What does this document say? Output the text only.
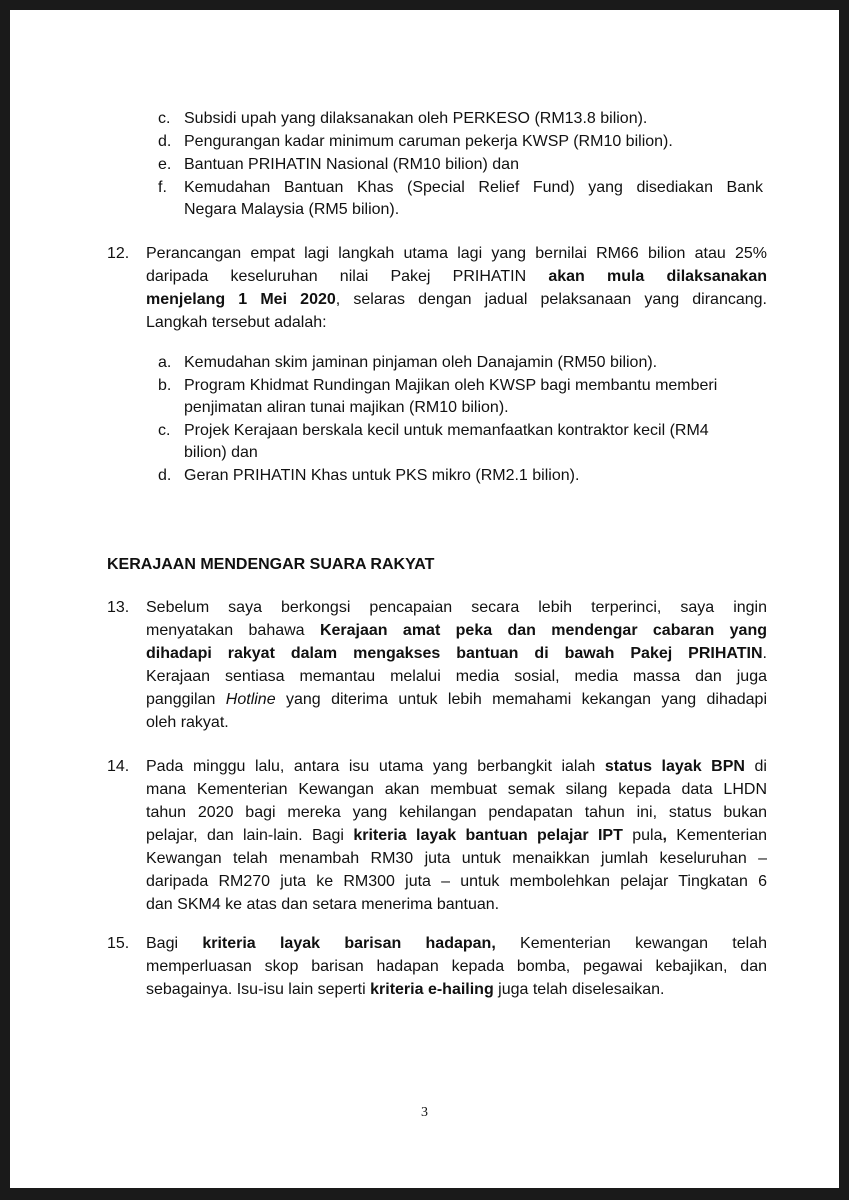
c. Subsidi upah yang dilaksanakan oleh PERKESO (RM13.8 bilion).
d. Pengurangan kadar minimum caruman pekerja KWSP (RM10 bilion).
e. Bantuan PRIHATIN Nasional (RM10 bilion) dan
f. Kemudahan Bantuan Khas (Special Relief Fund) yang disediakan Bank
Negara Malaysia (RM5 bilion).
12. Perancangan empat lagi langkah utama lagi yang bernilai RM66 bilion atau 25%
daripada keseluruhan nilai Pakej PRIHATIN akan mula dilaksanakan
menjelang 1 Mei 2020, selaras dengan jadual pelaksanaan yang dirancang.
Langkah tersebut adalah:
a. Kemudahan skim jaminan pinjaman oleh Danajamin (RM50 bilion).
b. Program Khidmat Rundingan Majikan oleh KWSP bagi membantu memberi
penjimatan aliran tunai majikan (RM10 bilion).
c. Projek Kerajaan berskala kecil untuk memanfaatkan kontraktor kecil (RM4
bilion) dan
d. Geran PRIHATIN Khas untuk PKS mikro (RM2.1 bilion).
KERAJAAN MENDENGAR SUARA RAKYAT
13. Sebelum saya berkongsi pencapaian secara lebih terperinci, saya ingin
menyatakan bahawa Kerajaan amat peka dan mendengar cabaran yang
dihadapi rakyat dalam mengakses bantuan di bawah Pakej PRIHATIN.
Kerajaan sentiasa memantau melalui media sosial, media massa dan juga
panggilan Hotline yang diterima untuk lebih memahami kekangan yang dihadapi
oleh rakyat.
14. Pada minggu lalu, antara isu utama yang berbangkit ialah status layak BPN di
mana Kementerian Kewangan akan membuat semak silang kepada data LHDN
tahun 2020 bagi mereka yang kehilangan pendapatan tahun ini, status bukan
pelajar, dan lain-lain. Bagi kriteria layak bantuan pelajar IPT pula, Kementerian
Kewangan telah menambah RM30 juta untuk menaikkan jumlah keseluruhan –
daripada RM270 juta ke RM300 juta – untuk membolehkan pelajar Tingkatan 6
dan SKM4 ke atas dan setara menerima bantuan.
15. Bagi kriteria layak barisan hadapan, Kementerian kewangan telah
memperluasan skop barisan hadapan kepada bomba, pegawai kebajikan, dan
sebagainya. Isu-isu lain seperti kriteria e-hailing juga telah diselesaikan.
3
